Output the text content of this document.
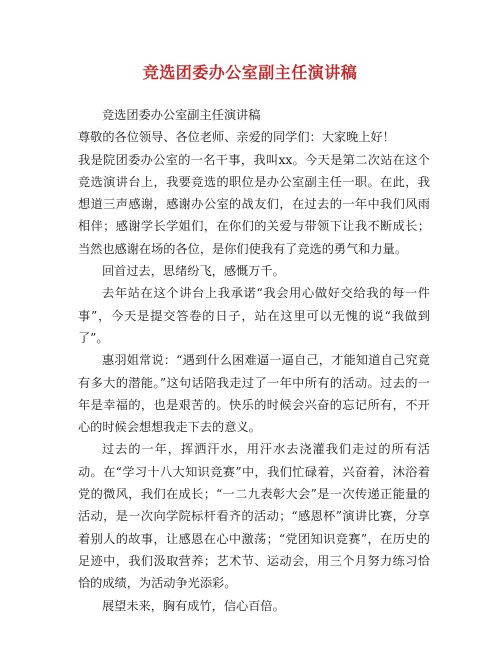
竞选团委办公室副主任演讲稿

竞选团委办公室副主任演讲稿

尊敬的各位领导、各位老师、亲爱的同学们：大家晚上好！

我是院团委办公室的一名干事，我叫xx。今天是第二次站在这个竞选演讲台上，我要竞选的职位是办公室副主任一职。在此，我想道三声感谢，感谢办公室的战友们，在过去的一年中我们风雨相伴；感谢学长学姐们，在你们的关爱与带领下让我不断成长；当然也感谢在场的各位，是你们使我有了竞选的勇气和力量。

回首过去，思绪纷飞，感慨万千。

去年站在这个讲台上我承诺“我会用心做好交给我的每一件事”，今天是提交答卷的日子，站在这里可以无愧的说“我做到了”。

惠羽姐常说：“遇到什么困难逼一逼自己，才能知道自己究竟有多大的潜能。”这句话陪我走过了一年中所有的活动。过去的一年是幸福的，也是艰苦的。快乐的时候会兴奋的忘记所有，不开心的时候会想想我走下去的意义。

过去的一年，挥洒汗水，用汗水去浇灌我们走过的所有活动。在“学习十八大知识竞赛”中，我们忙碌着，兴奋着，沐浴着党的微风，我们在成长；“一二九表彰大会”是一次传递正能量的活动，是一次向学院标杆看齐的活动；“感恩杯”演讲比赛，分享着别人的故事，让感恩在心中激荡；“党团知识竞赛”，在历史的足迹中，我们汲取营养；艺术节、运动会，用三个月努力练习恰恰的成绩，为活动争光添彩。

展望未来，胸有成竹，信心百倍。
